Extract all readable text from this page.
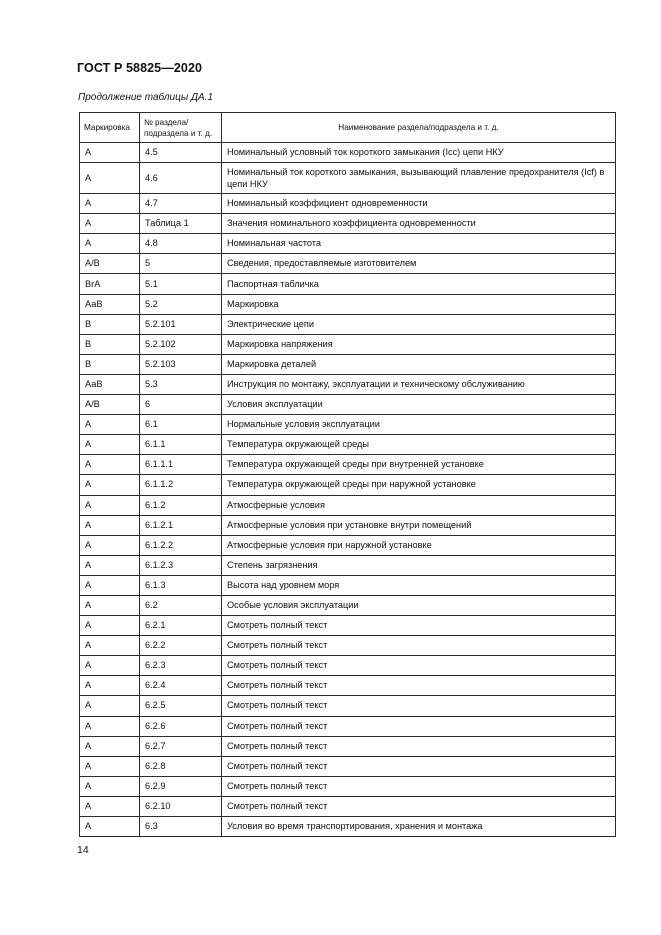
ГОСТ Р 58825—2020
Продолжение таблицы ДА.1
Маркировка	№ раздела/ подраздела и т. д.	Наименование раздела/подраздела и т. д.
А	4.5	Номинальный условный ток короткого замыкания (Icc) цепи НКУ
А	4.6	Номинальный ток короткого замыкания, вызывающий плавление предохранителя (Icf) в цепи НКУ
А	4.7	Номинальный коэффициент одновременности
А	Таблица 1	Значения номинального коэффициента одновременности
А	4.8	Номинальная частота
А/В	5	Сведения, предоставляемые изготовителем
ВrА	5.1	Паспортная табличка
АаВ	5.2	Маркировка
В	5.2.101	Электрические цепи
В	5.2.102	Маркировка напряжения
В	5.2.103	Маркировка деталей
АаВ	5.3	Инструкция по монтажу, эксплуатации и техническому обслуживанию
А/В	6	Условия эксплуатации
А	6.1	Нормальные условия эксплуатации
А	6.1.1	Температура окружающей среды
А	6.1.1.1	Температура окружающей среды при внутренней установке
А	6.1.1.2	Температура окружающей среды при наружной установке
А	6.1.2	Атмосферные условия
А	6.1.2.1	Атмосферные условия при установке внутри помещений
А	6.1.2.2	Атмосферные условия при наружной установке
А	6.1.2.3	Степень загрязнения
А	6.1.3	Высота над уровнем моря
А	6.2	Особые условия эксплуатации
А	6.2.1	Смотреть полный текст
А	6.2.2	Смотреть полный текст
А	6.2.3	Смотреть полный текст
А	6.2.4	Смотреть полный текст
А	6.2.5	Смотреть полный текст
А	6.2.6	Смотреть полный текст
А	6.2.7	Смотреть полный текст
А	6.2.8	Смотреть полный текст
А	6.2.9	Смотреть полный текст
А	6.2.10	Смотреть полный текст
А	6.3	Условия во время транспортирования, хранения и монтажа
14
